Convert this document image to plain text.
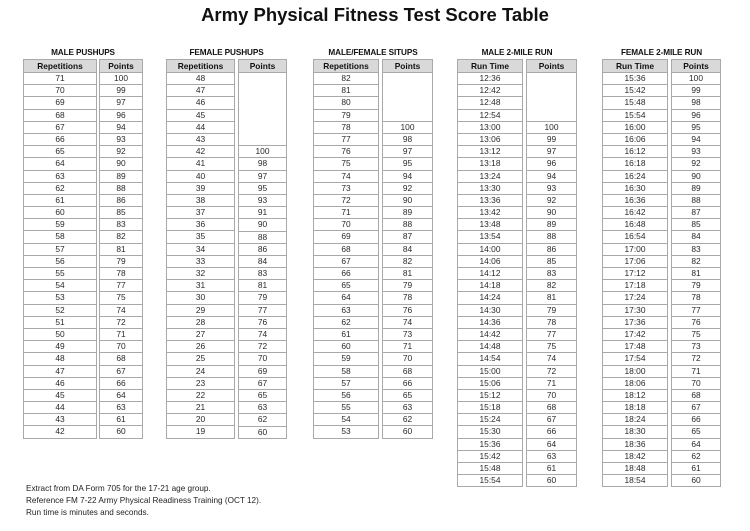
Army Physical Fitness Test Score Table
MALE PUSHUPS
Repetitions
71
70
69
68
67
66
65
64
63
62
61
60
59
58
57
56
55
54
53
52
51
50
49
48
47
46
45
44
43
42
Points
100
99
97
96
94
93
92
90
89
88
86
85
83
82
81
79
78
77
75
74
72
71
70
68
67
66
64
63
61
60
FEMALE PUSHUPS
Repetitions
48
47
46
45
44
43
42
41
40
39
38
37
36
35
34
33
32
31
30
29
28
27
26
25
24
23
22
21
20
19
Points
100
98
97
95
93
91
90
88
86
84
83
81
79
77
76
74
72
70
69
67
65
63
62
60
MALE/FEMALE SITUPS
Repetitions
82
81
80
79
78
77
76
75
74
73
72
71
70
69
68
67
66
65
64
63
62
61
60
59
58
57
56
55
54
53
Points
100
98
97
95
94
92
90
89
88
87
84
82
81
79
78
76
74
73
71
70
68
66
65
63
62
60
MALE 2-MILE RUN
Run Time
12:36
12:42
12:48
12:54
13:00
13:06
13:12
13:18
13:24
13:30
13:36
13:42
13:48
13:54
14:00
14:06
14:12
14:18
14:24
14:30
14:36
14:42
14:48
14:54
15:00
15:06
15:12
15:18
15:24
15:30
15:36
15:42
15:48
15:54
Points
100
99
97
96
94
93
92
90
89
88
86
85
83
82
81
79
78
77
75
74
72
71
70
68
67
66
64
63
61
60
FEMALE 2-MILE RUN
Run Time
15:36
15:42
15:48
15:54
16:00
16:06
16:12
16:18
16:24
16:30
16:36
16:42
16:48
16:54
17:00
17:06
17:12
17:18
17:24
17:30
17:36
17:42
17:48
17:54
18:00
18:06
18:12
18:18
18:24
18:30
18:36
18:42
18:48
18:54
Points
100
99
98
96
95
94
93
92
90
89
88
87
85
84
83
82
81
79
78
77
76
75
73
72
71
70
68
67
66
65
64
62
61
60
Extract from DA Form 705 for the 17-21 age group.
Reference FM 7-22 Army Physical Readiness Training (OCT 12).
Run time is minutes and seconds.
